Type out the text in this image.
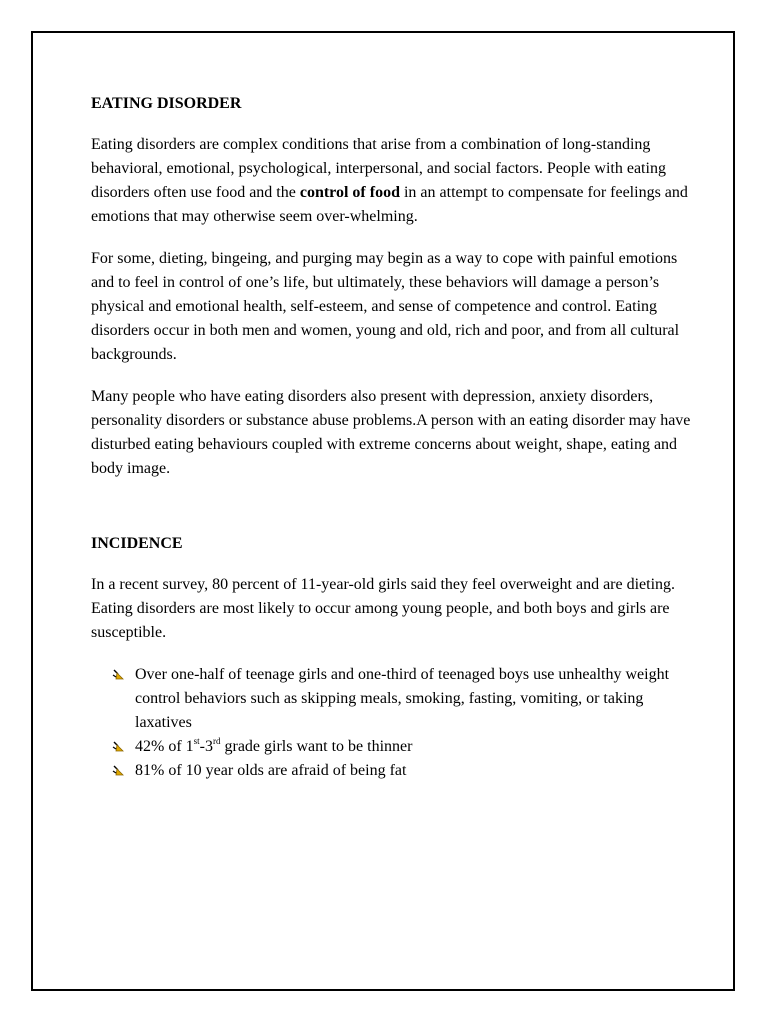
EATING DISORDER

Eating disorders are complex conditions that arise from a combination of long-standing behavioral, emotional, psychological, interpersonal, and social factors. People with eating disorders often use food and the control of food in an attempt to compensate for feelings and emotions that may otherwise seem over-whelming.

For some, dieting, bingeing, and purging may begin as a way to cope with painful emotions and to feel in control of one’s life, but ultimately, these behaviors will damage a person’s physical and emotional health, self-esteem, and sense of competence and control. Eating disorders occur in both men and women, young and old, rich and poor, and from all cultural backgrounds.

Many people who have eating disorders also present with depression, anxiety disorders, personality disorders or substance abuse problems.A person with an eating disorder may have disturbed eating behaviours coupled with extreme concerns about weight, shape, eating and body image.

INCIDENCE

In a recent survey, 80 percent of 11-year-old girls said they feel overweight and are dieting. Eating disorders are most likely to occur among young people, and both boys and girls are susceptible.

Over one-half of teenage girls and one-third of teenaged boys use unhealthy weight control behaviors such as skipping meals, smoking, fasting, vomiting, or taking laxatives
42% of 1st-3rd grade girls want to be thinner
81% of 10 year olds are afraid of being fat
